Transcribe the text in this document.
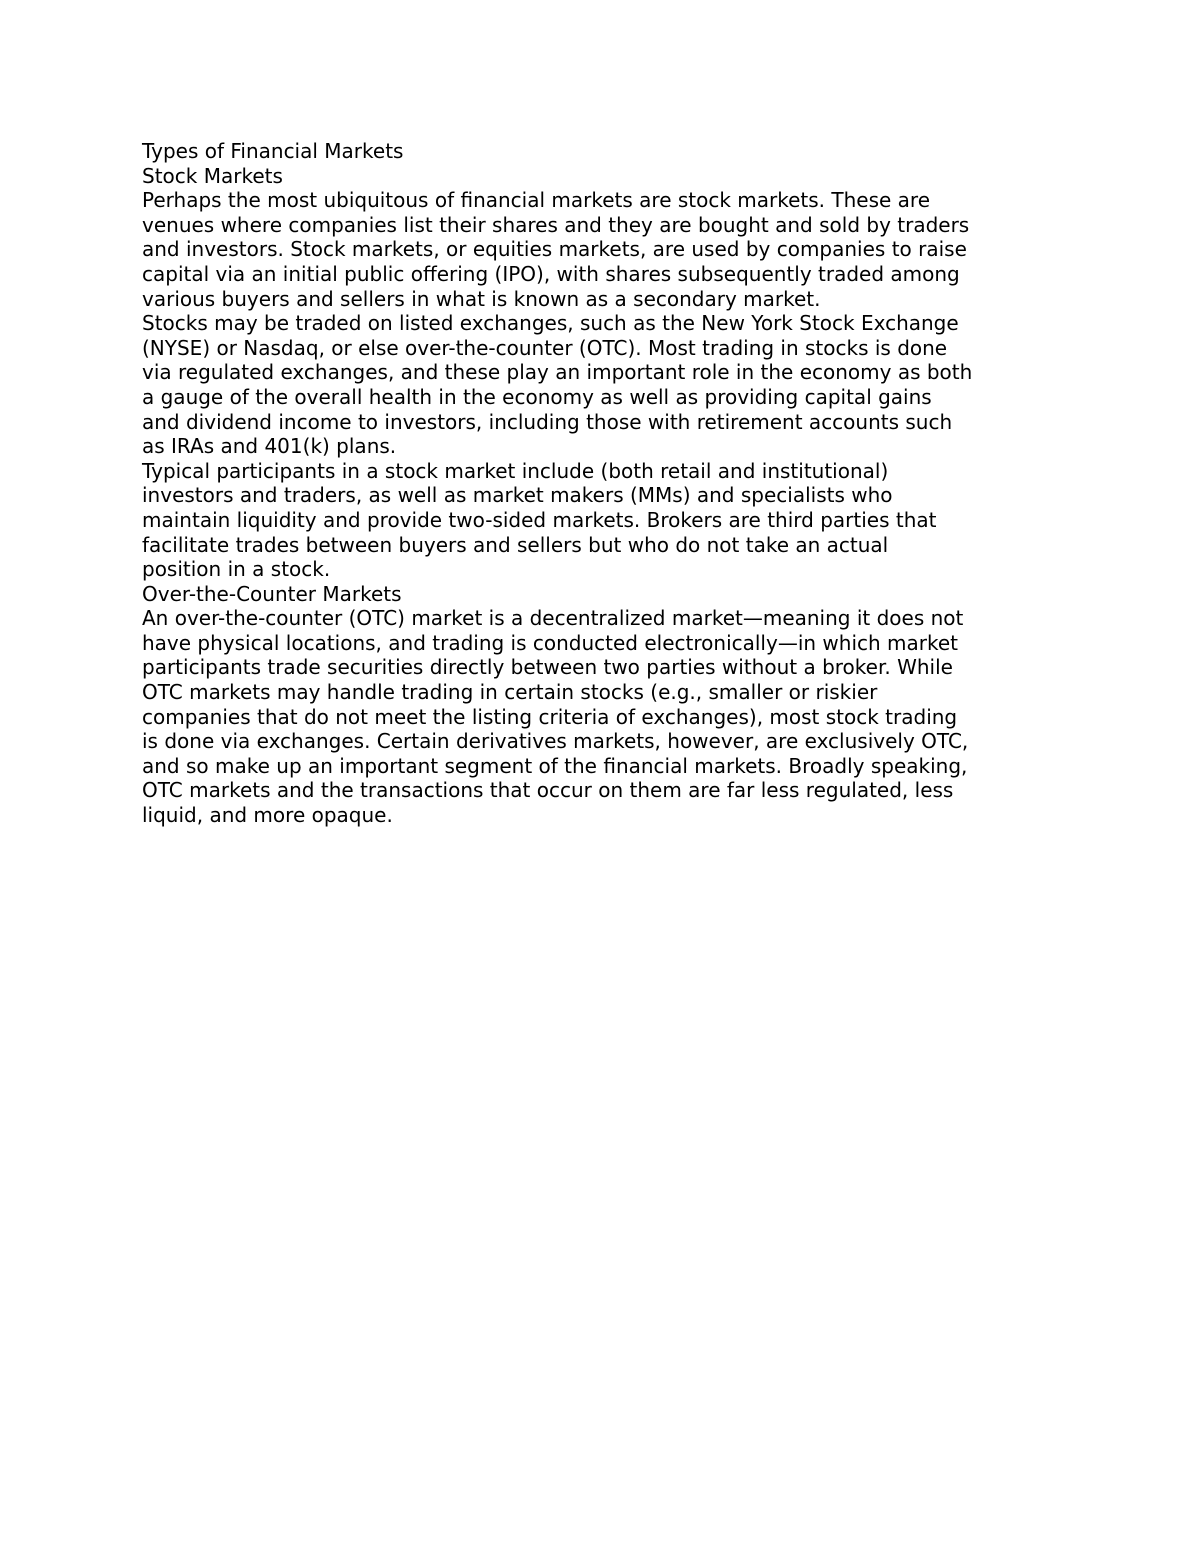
Types of Financial Markets

Stock Markets

Perhaps the most ubiquitous of financial markets are stock markets. These are
venues where companies list their shares and they are bought and sold by traders
and investors. Stock markets, or equities markets, are used by companies to raise
capital via an initial public offering (IPO), with shares subsequently traded among
various buyers and sellers in what is known as a secondary market.

Stocks may be traded on listed exchanges, such as the New York Stock Exchange
(NYSE) or Nasdaq, or else over-the-counter (OTC). Most trading in stocks is done
via regulated exchanges, and these play an important role in the economy as both
a gauge of the overall health in the economy as well as providing capital gains
and dividend income to investors, including those with retirement accounts such
as IRAs and 401(k) plans.

Typical participants in a stock market include (both retail and institutional)
investors and traders, as well as market makers (MMs) and specialists who
maintain liquidity and provide two-sided markets. Brokers are third parties that
facilitate trades between buyers and sellers but who do not take an actual
position in a stock.

Over-the-Counter Markets

An over-the-counter (OTC) market is a decentralized market—meaning it does not
have physical locations, and trading is conducted electronically—in which market
participants trade securities directly between two parties without a broker. While
OTC markets may handle trading in certain stocks (e.g., smaller or riskier
companies that do not meet the listing criteria of exchanges), most stock trading
is done via exchanges. Certain derivatives markets, however, are exclusively OTC,
and so make up an important segment of the financial markets. Broadly speaking,
OTC markets and the transactions that occur on them are far less regulated, less
liquid, and more opaque.
